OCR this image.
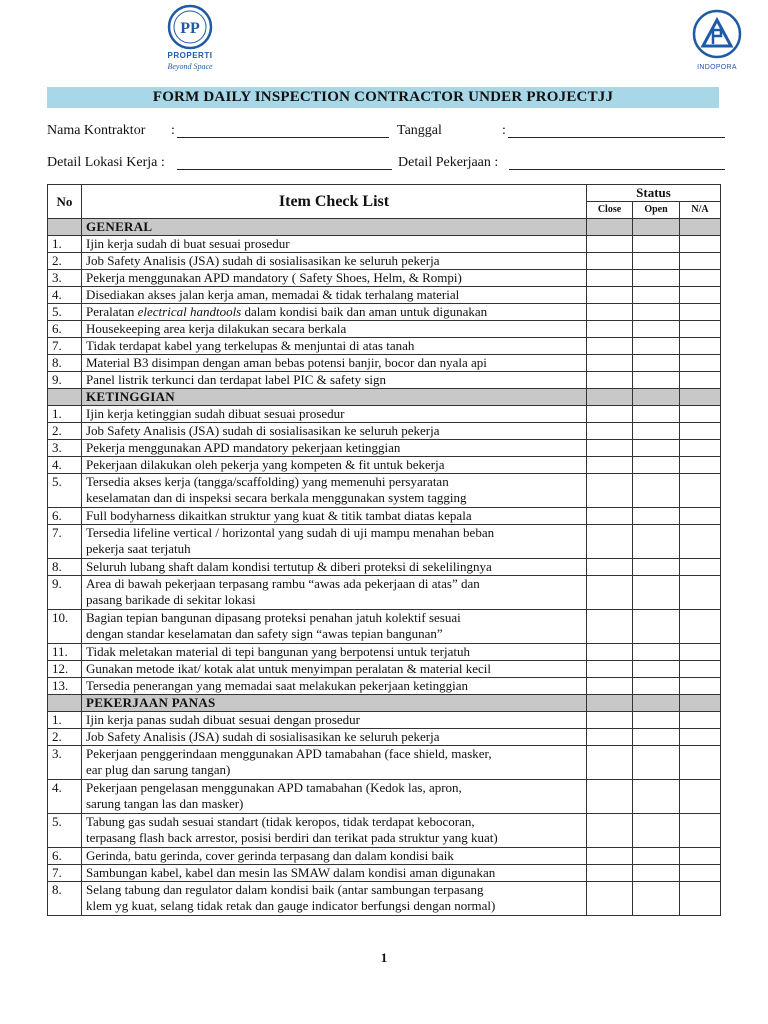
PP
PROPERTI
Beyond Space	INDOPORA
FORM DAILY INSPECTION CONTRACTOR UNDER PROJECTJJ
Nama Kontraktor :	Tanggal	:
Detail Lokasi Kerja :	Detail Pekerjaan :
No	Item Check List	Status		
		Close	Open	N/A
	GENERAL			
1.	Ijin kerja sudah di buat sesuai prosedur			

2.	Job Safety Analisis (JSA) sudah di sosialisasikan ke seluruh pekerja			

3.	Pekerja menggunakan APD mandatory ( Safety Shoes, Helm, & Rompi)			

4.	Disediakan akses jalan kerja aman, memadai & tidak terhalang material			

5.	Peralatan electrical handtools dalam kondisi baik dan aman untuk digunakan			
6.	Housekeeping area kerja dilakukan secara berkala			

7.	Tidak terdapat kabel yang terkelupas & menjuntai di atas tanah			

8.	Material B3 disimpan dengan aman bebas potensi banjir, bocor dan nyala api			

9.	Panel listrik terkunci dan terdapat label PIC & safety sign			

	KETINGGIAN			
1.	Ijin kerja ketinggian sudah dibuat sesuai prosedur			

2.	Job Safety Analisis (JSA) sudah di sosialisasikan ke seluruh pekerja			

3.	Pekerja menggunakan APD mandatory pekerjaan ketinggian			

4.	Pekerjaan dilakukan oleh pekerja yang kompeten & fit untuk bekerja			

5.	Tersedia akses kerja (tangga/scaffolding) yang memenuhi persyaratan
keselamatan dan di inspeksi secara berkala menggunakan system tagging			

6.	Full bodyharness dikaitkan struktur yang kuat & titik tambat diatas kepala			

7.	Tersedia lifeline vertical / horizontal yang sudah di uji mampu menahan beban
pekerja saat terjatuh			

8.	Seluruh lubang shaft dalam kondisi tertutup & diberi proteksi di sekelilingnya			

9.	Area di bawah pekerjaan terpasang rambu “awas ada pekerjaan di atas” dan
pasang barikade di sekitar lokasi			

10.	Bagian tepian bangunan dipasang proteksi penahan jatuh kolektif sesuai
dengan standar keselamatan dan safety sign “awas tepian bangunan”			

11.	Tidak meletakan material di tepi bangunan yang berpotensi untuk terjatuh			

12.	Gunakan metode ikat/ kotak alat untuk menyimpan peralatan & material kecil			

13.	Tersedia penerangan yang memadai saat melakukan pekerjaan ketinggian			

	PEKERJAAN PANAS			
1.	Ijin kerja panas sudah dibuat sesuai dengan prosedur			

2.	Job Safety Analisis (JSA) sudah di sosialisasikan ke seluruh pekerja			

3.	Pekerjaan penggerindaan menggunakan APD tamabahan (face shield, masker,
ear plug dan sarung tangan)			

4.	Pekerjaan pengelasan menggunakan APD tamabahan (Kedok las, apron,
sarung tangan las dan masker)			

5.	Tabung gas sudah sesuai standart (tidak keropos, tidak terdapat kebocoran,
terpasang flash back arrestor, posisi berdiri dan terikat pada struktur yang kuat)			

6.	Gerinda, batu gerinda, cover gerinda terpasang dan dalam kondisi baik			

7.	Sambungan kabel, kabel dan mesin las SMAW dalam kondisi aman digunakan			

8.	Selang tabung dan regulator dalam kondisi baik (antar sambungan terpasang
klem yg kuat, selang tidak retak dan gauge indicator berfungsi dengan normal)			

1
